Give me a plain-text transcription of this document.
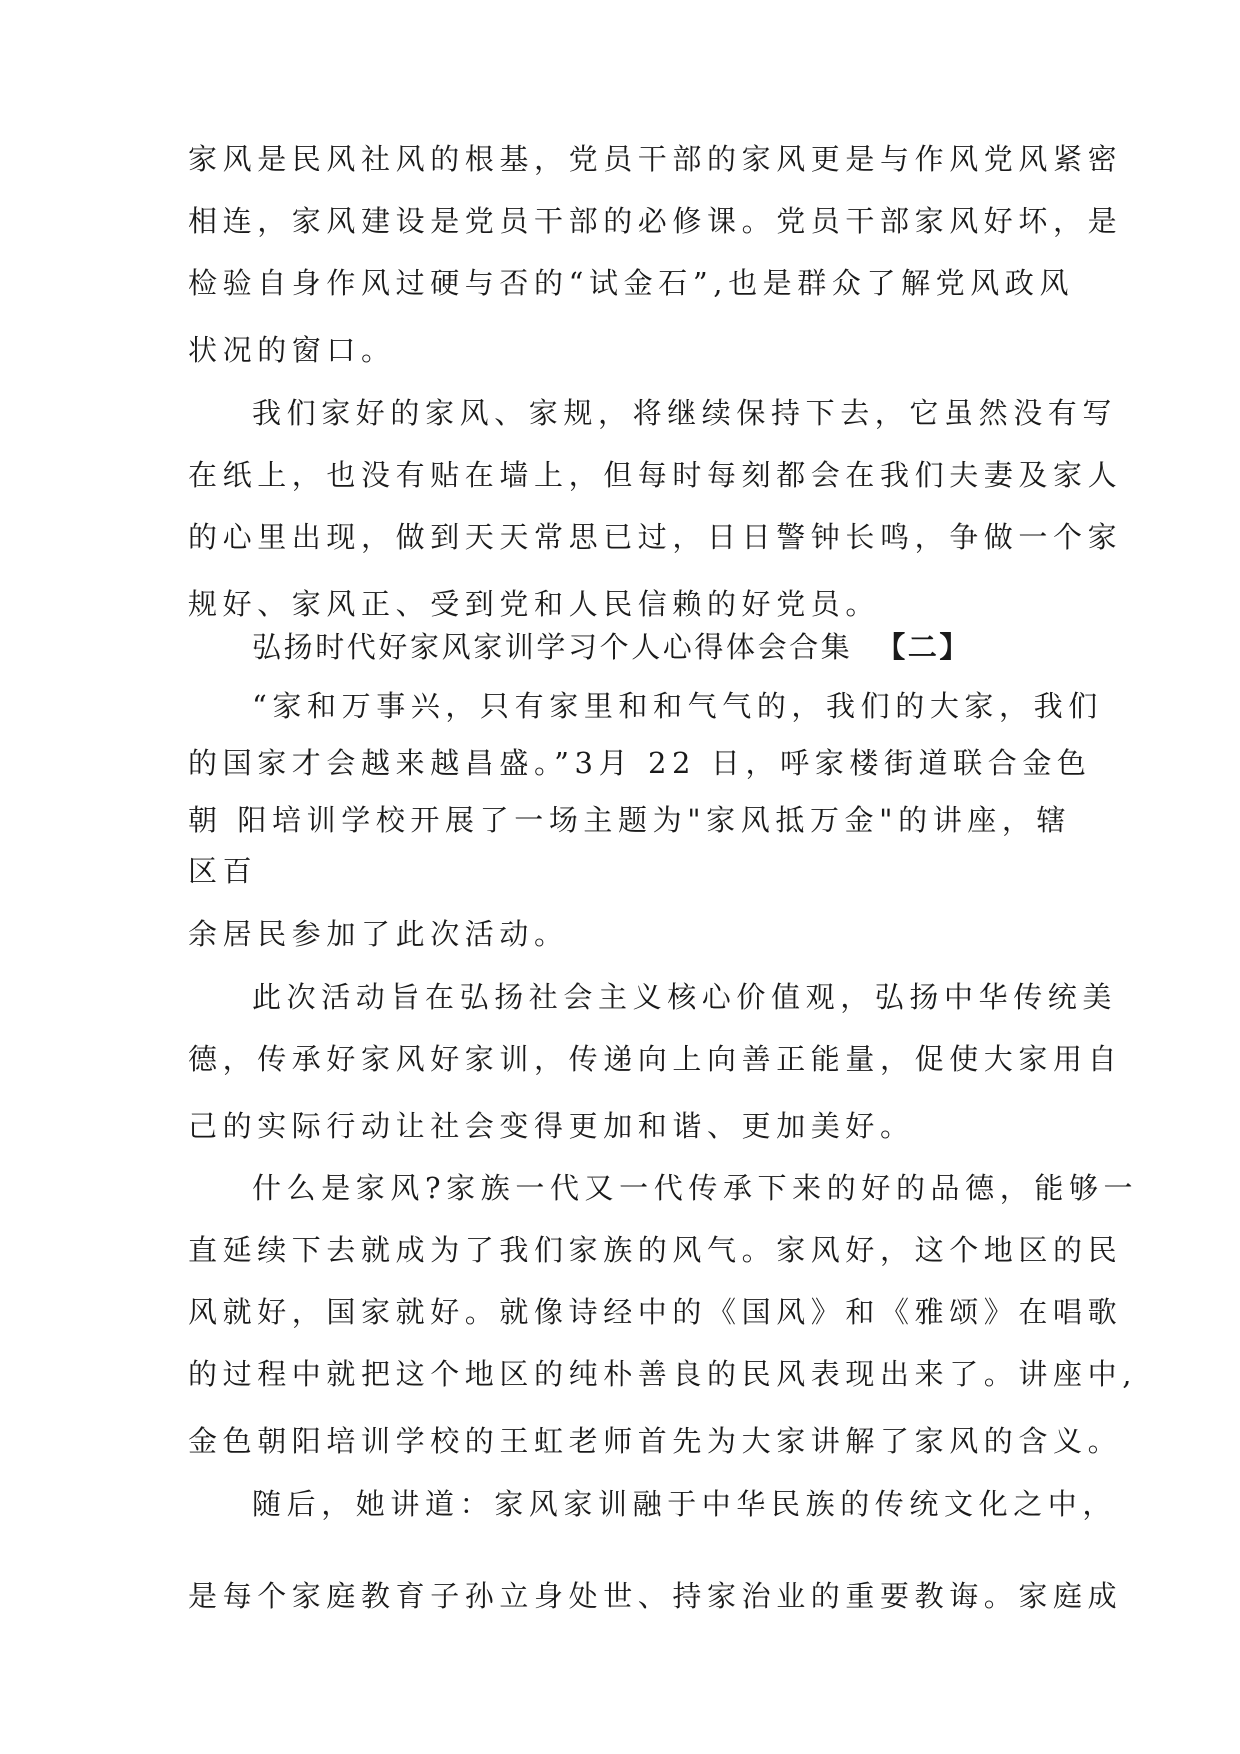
家风是民风社风的根基，党员干部的家风更是与作风党风紧密
相连，家风建设是党员干部的必修课。党员干部家风好坏，是
检验自身作风过硬与否的“试金石”,也是群众了解党风政风
状况的窗口。
我们家好的家风、家规，将继续保持下去，它虽然没有写
在纸上，也没有贴在墙上，但每时每刻都会在我们夫妻及家人
的心里出现，做到天天常思已过，日日警钟长鸣，争做一个家
规好、家风正、受到党和人民信赖的好党员。
弘扬时代好家风家训学习个人心得体会合集 【二】
“家和万事兴，只有家里和和气气的，我们的大家，我们
的国家才会越来越昌盛。”3月 22 日，呼家楼街道联合金色
朝 阳培训学校开展了一场主题为"家风抵万金"的讲座，辖
区百
余居民参加了此次活动。
此次活动旨在弘扬社会主义核心价值观，弘扬中华传统美
德，传承好家风好家训，传递向上向善正能量，促使大家用自
己的实际行动让社会变得更加和谐、更加美好。
什么是家风?家族一代又一代传承下来的好的品德，能够一
直延续下去就成为了我们家族的风气。家风好，这个地区的民
风就好，国家就好。就像诗经中的《国风》和《雅颂》在唱歌
的过程中就把这个地区的纯朴善良的民风表现出来了。讲座中,
金色朝阳培训学校的王虹老师首先为大家讲解了家风的含义。
随后，她讲道：家风家训融于中华民族的传统文化之中，
是每个家庭教育子孙立身处世、持家治业的重要教诲。家庭成
